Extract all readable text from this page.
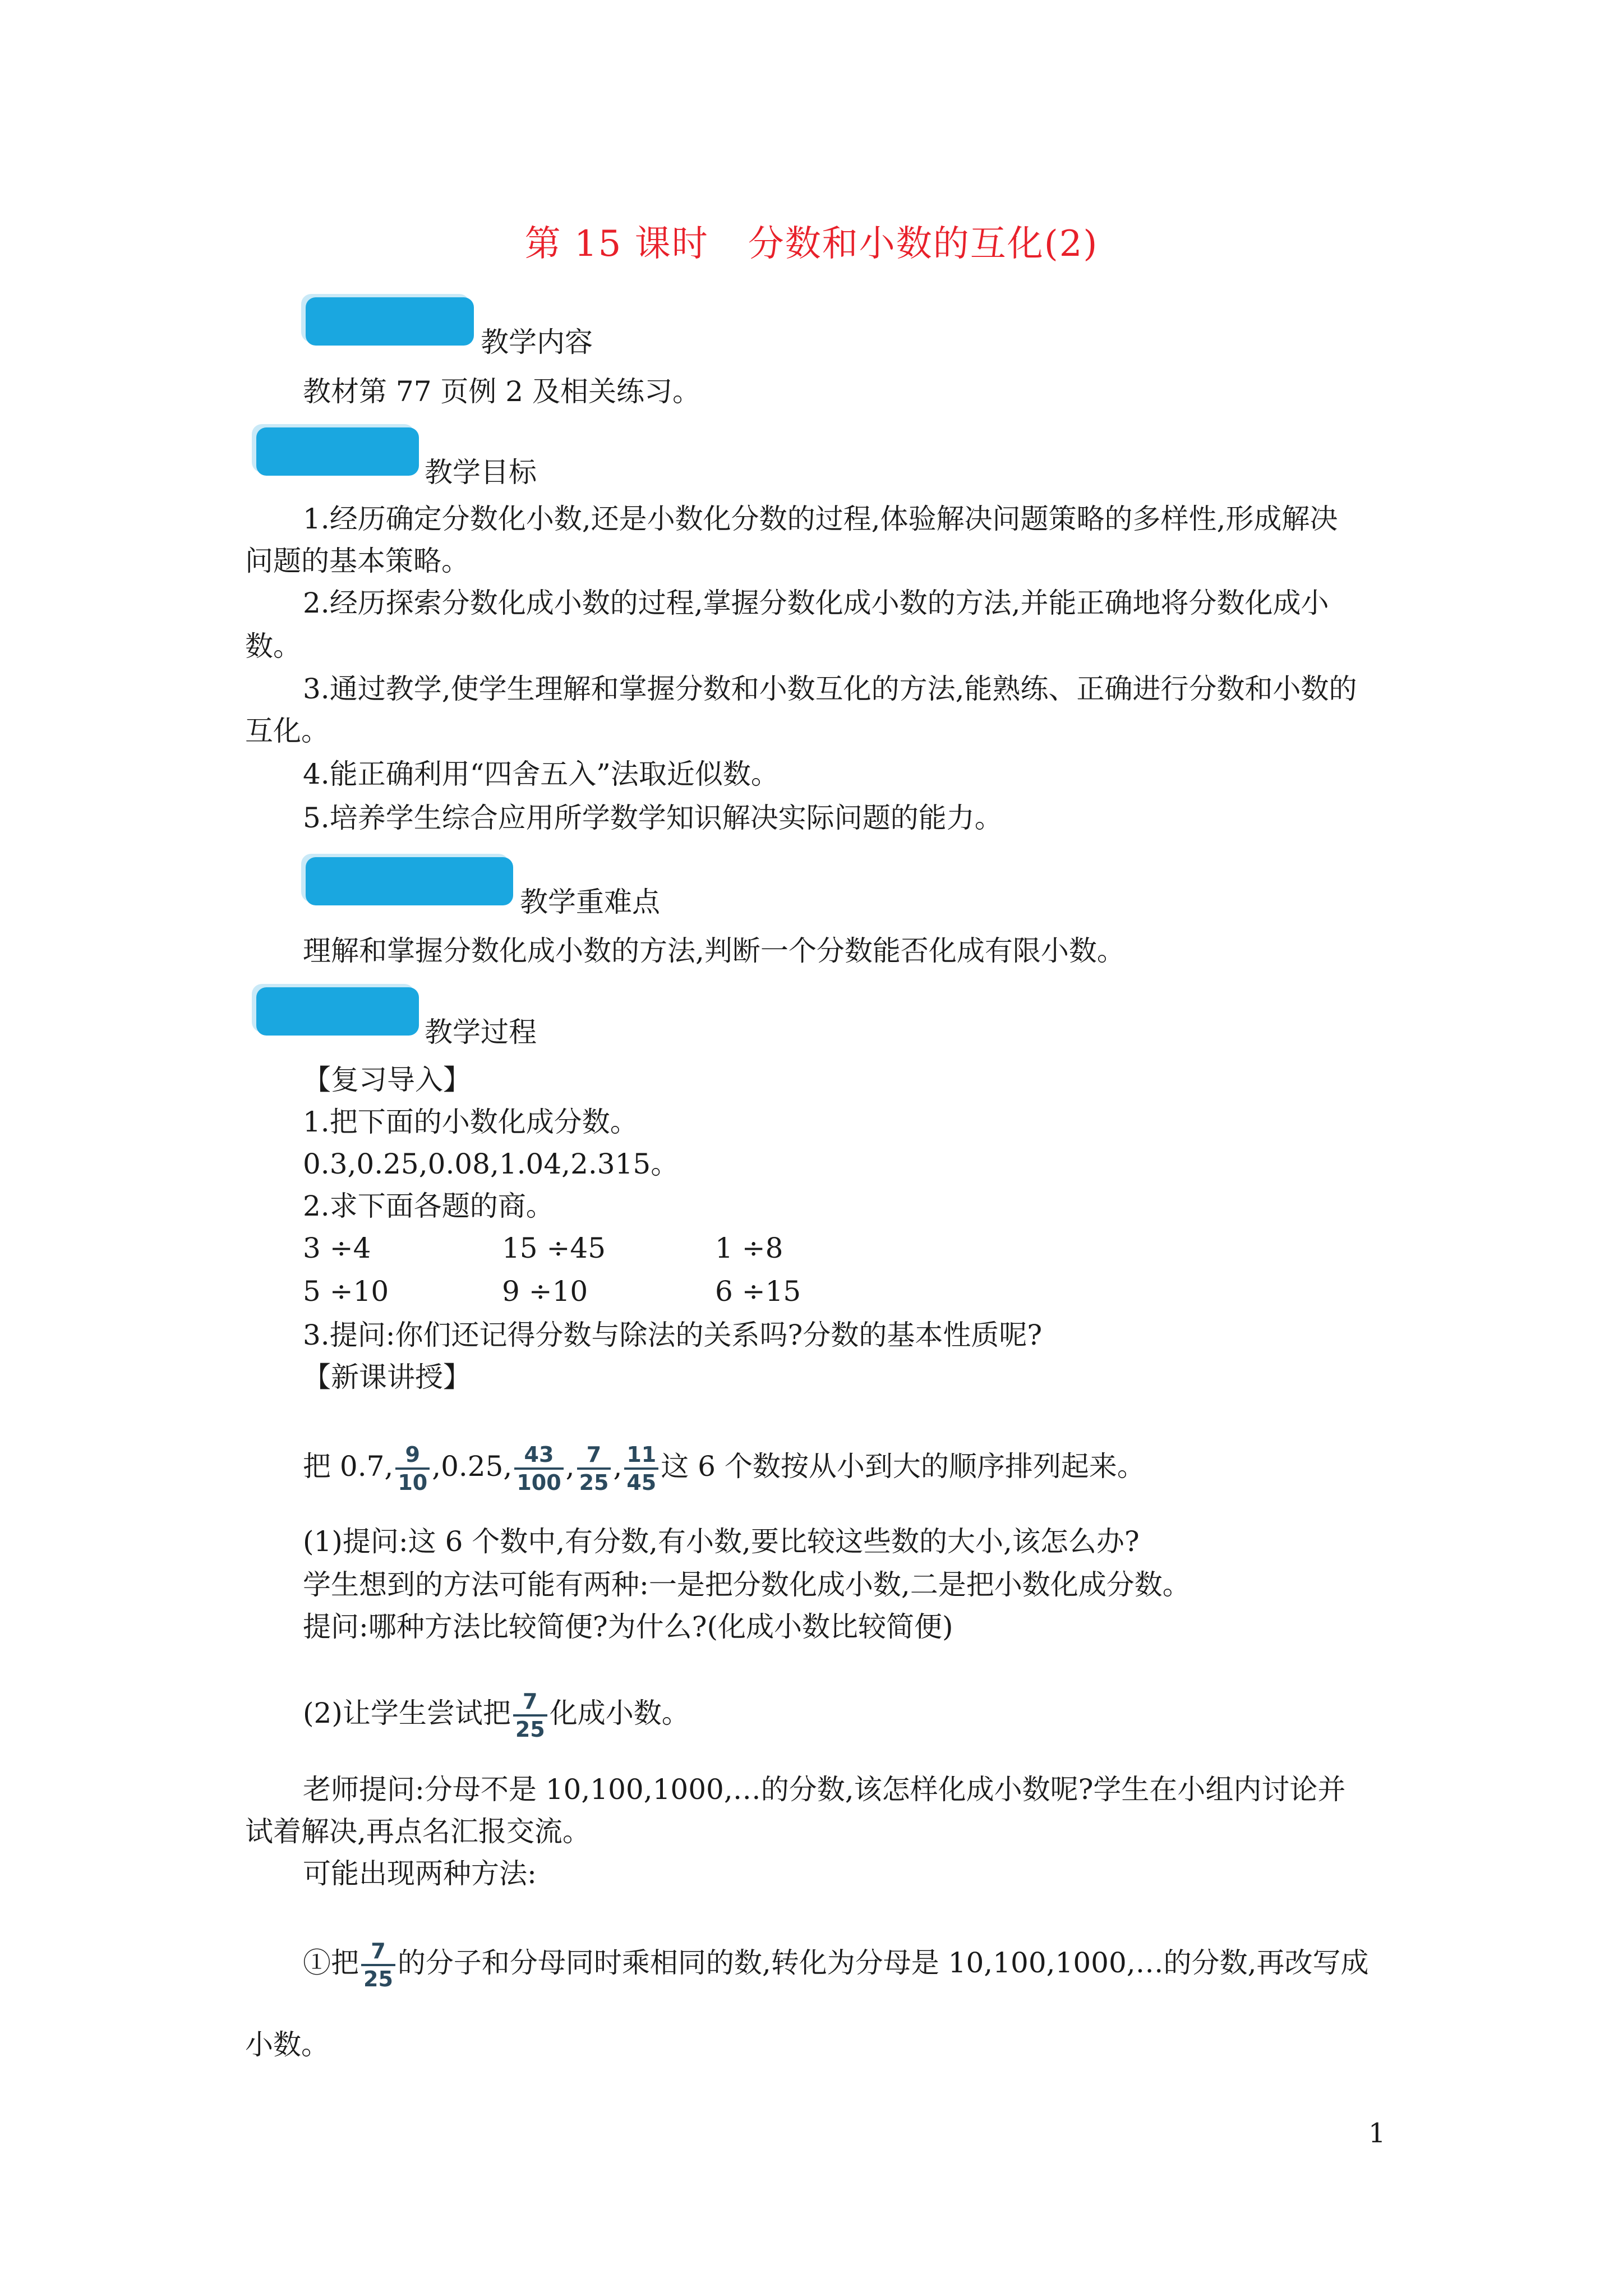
第 15 课时 分数和小数的互化(2)
教学内容
教材第 77 页例 2 及相关练习。
教学目标
1.经历确定分数化小数,还是小数化分数的过程,体验解决问题策略的多样性,形成解决
问题的基本策略。
2.经历探索分数化成小数的过程,掌握分数化成小数的方法,并能正确地将分数化成小
数。
3.通过教学,使学生理解和掌握分数和小数互化的方法,能熟练、正确进行分数和小数的
互化。
4.能正确利用“四舍五入”法取近似数。
5.培养学生综合应用所学数学知识解决实际问题的能力。
教学重难点
理解和掌握分数化成小数的方法,判断一个分数能否化成有限小数。
教学过程
【复习导入】
1.把下面的小数化成分数。
0.3,0.25,0.08,1.04,2.315。
2.求下面各题的商。
3 ÷4	15 ÷45	1 ÷8
5 ÷10	9 ÷10	6 ÷15
3.提问:你们还记得分数与除法的关系吗?分数的基本性质呢?
【新课讲授】
把 0.7, $\frac{9}{10} ,0.25$, $\frac{43}{100}$ , $\frac{7}{25}$ , $\frac{11}{45}$ 这 6 个数按从小到大的顺序排列起来。
(1)提问:这 6 个数中,有分数,有小数,要比较这些数的大小,该怎么办?
学生想到的方法可能有两种:一是把分数化成小数,二是把小数化成分数。
提问:哪种方法比较简便?为什么?(化成小数比较简便)
(2)让学生尝试把 $\frac{7}{25}$ 化成小数。
老师提问:分母不是 10,100,1000,…的分数,该怎样化成小数呢?学生在小组内讨论并
试着解决,再点名汇报交流。
可能出现两种方法:
①把 $\frac{7}{25}$ 的分子和分母同时乘相同的数,转化为分母是 10,100,1000,…的分数,再改写成
小数。
1
